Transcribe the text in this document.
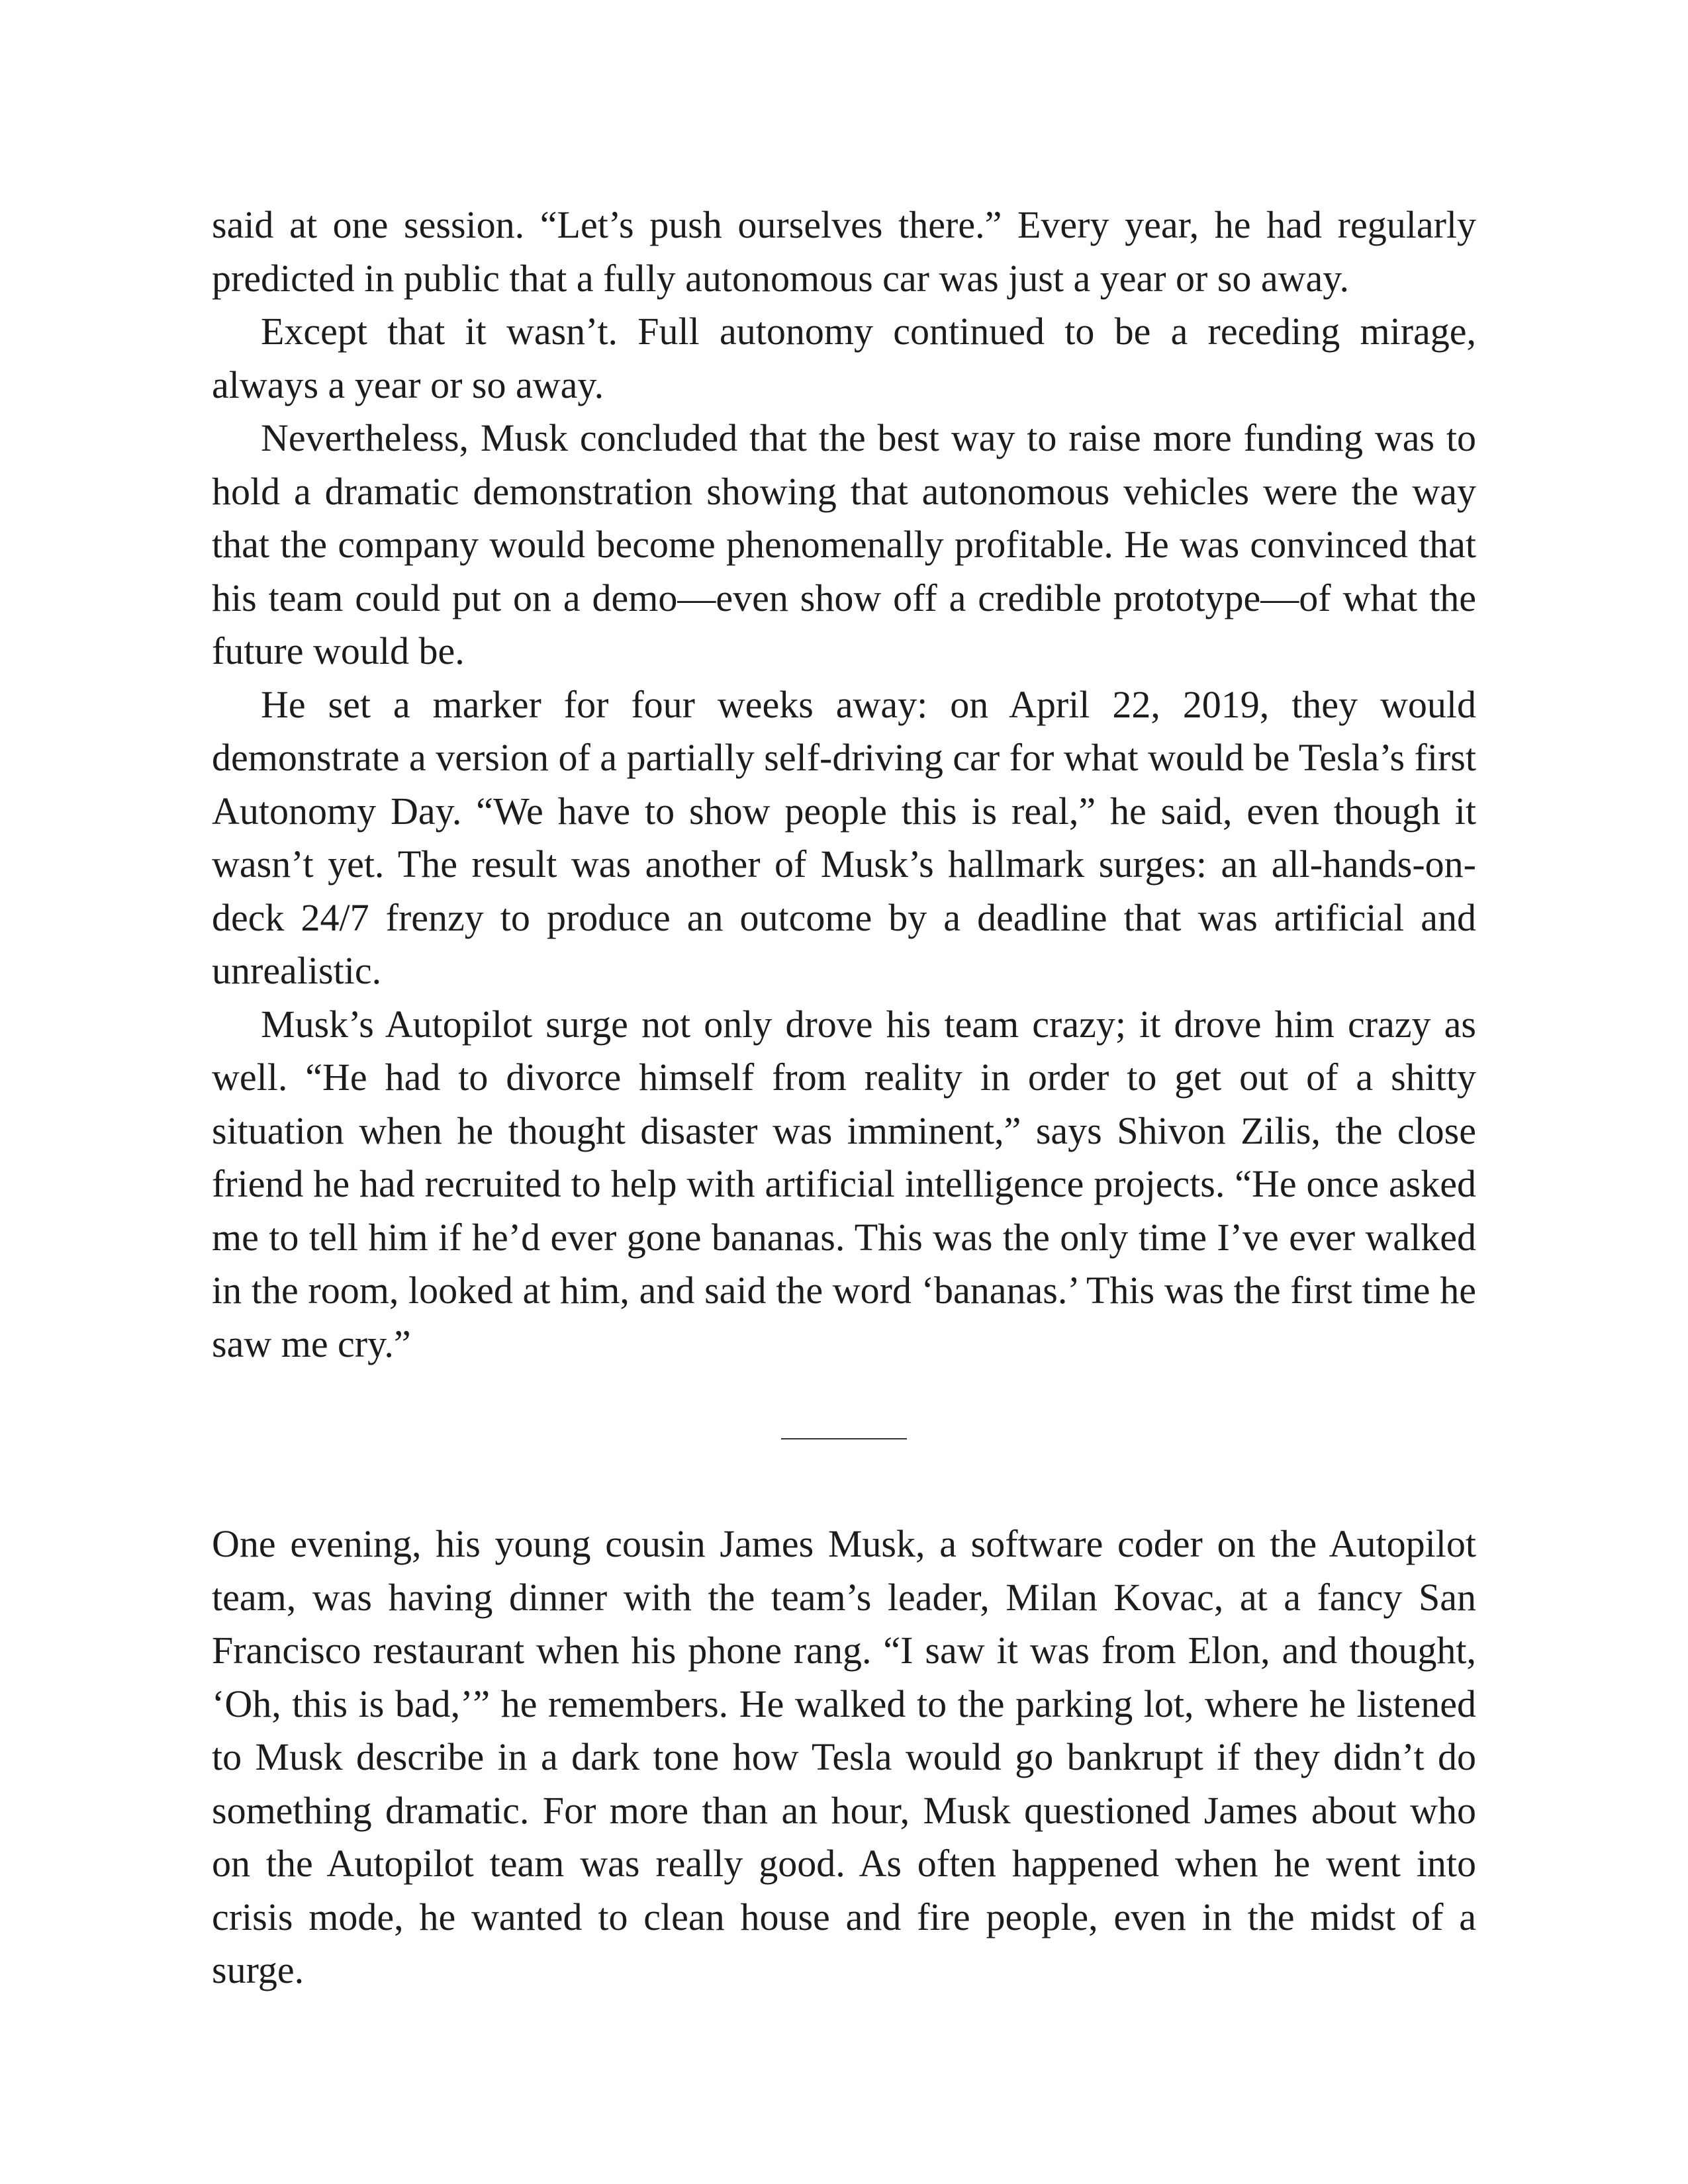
said at one session. “Let’s push ourselves there.” Every year, he had regularly predicted in public that a fully autonomous car was just a year or so away.

Except that it wasn’t. Full autonomy continued to be a receding mirage, always a year or so away.

Nevertheless, Musk concluded that the best way to raise more funding was to hold a dramatic demonstration showing that autonomous vehicles were the way that the company would become phenomenally profitable. He was convinced that his team could put on a demo—even show off a credible prototype—of what the future would be.

He set a marker for four weeks away: on April 22, 2019, they would demonstrate a version of a partially self-driving car for what would be Tesla’s first Autonomy Day. “We have to show people this is real,” he said, even though it wasn’t yet. The result was another of Musk’s hallmark surges: an all-hands-on-deck 24/7 frenzy to produce an outcome by a deadline that was artificial and unrealistic.

Musk’s Autopilot surge not only drove his team crazy; it drove him crazy as well. “He had to divorce himself from reality in order to get out of a shitty situation when he thought disaster was imminent,” says Shivon Zilis, the close friend he had recruited to help with artificial intelligence projects. “He once asked me to tell him if he’d ever gone bananas. This was the only time I’ve ever walked in the room, looked at him, and said the word ‘bananas.’ This was the first time he saw me cry.”

One evening, his young cousin James Musk, a software coder on the Autopilot team, was having dinner with the team’s leader, Milan Kovac, at a fancy San Francisco restaurant when his phone rang. “I saw it was from Elon, and thought, ‘Oh, this is bad,’” he remembers. He walked to the parking lot, where he listened to Musk describe in a dark tone how Tesla would go bankrupt if they didn’t do something dramatic. For more than an hour, Musk questioned James about who on the Autopilot team was really good. As often happened when he went into crisis mode, he wanted to clean house and fire people, even in the midst of a surge.
